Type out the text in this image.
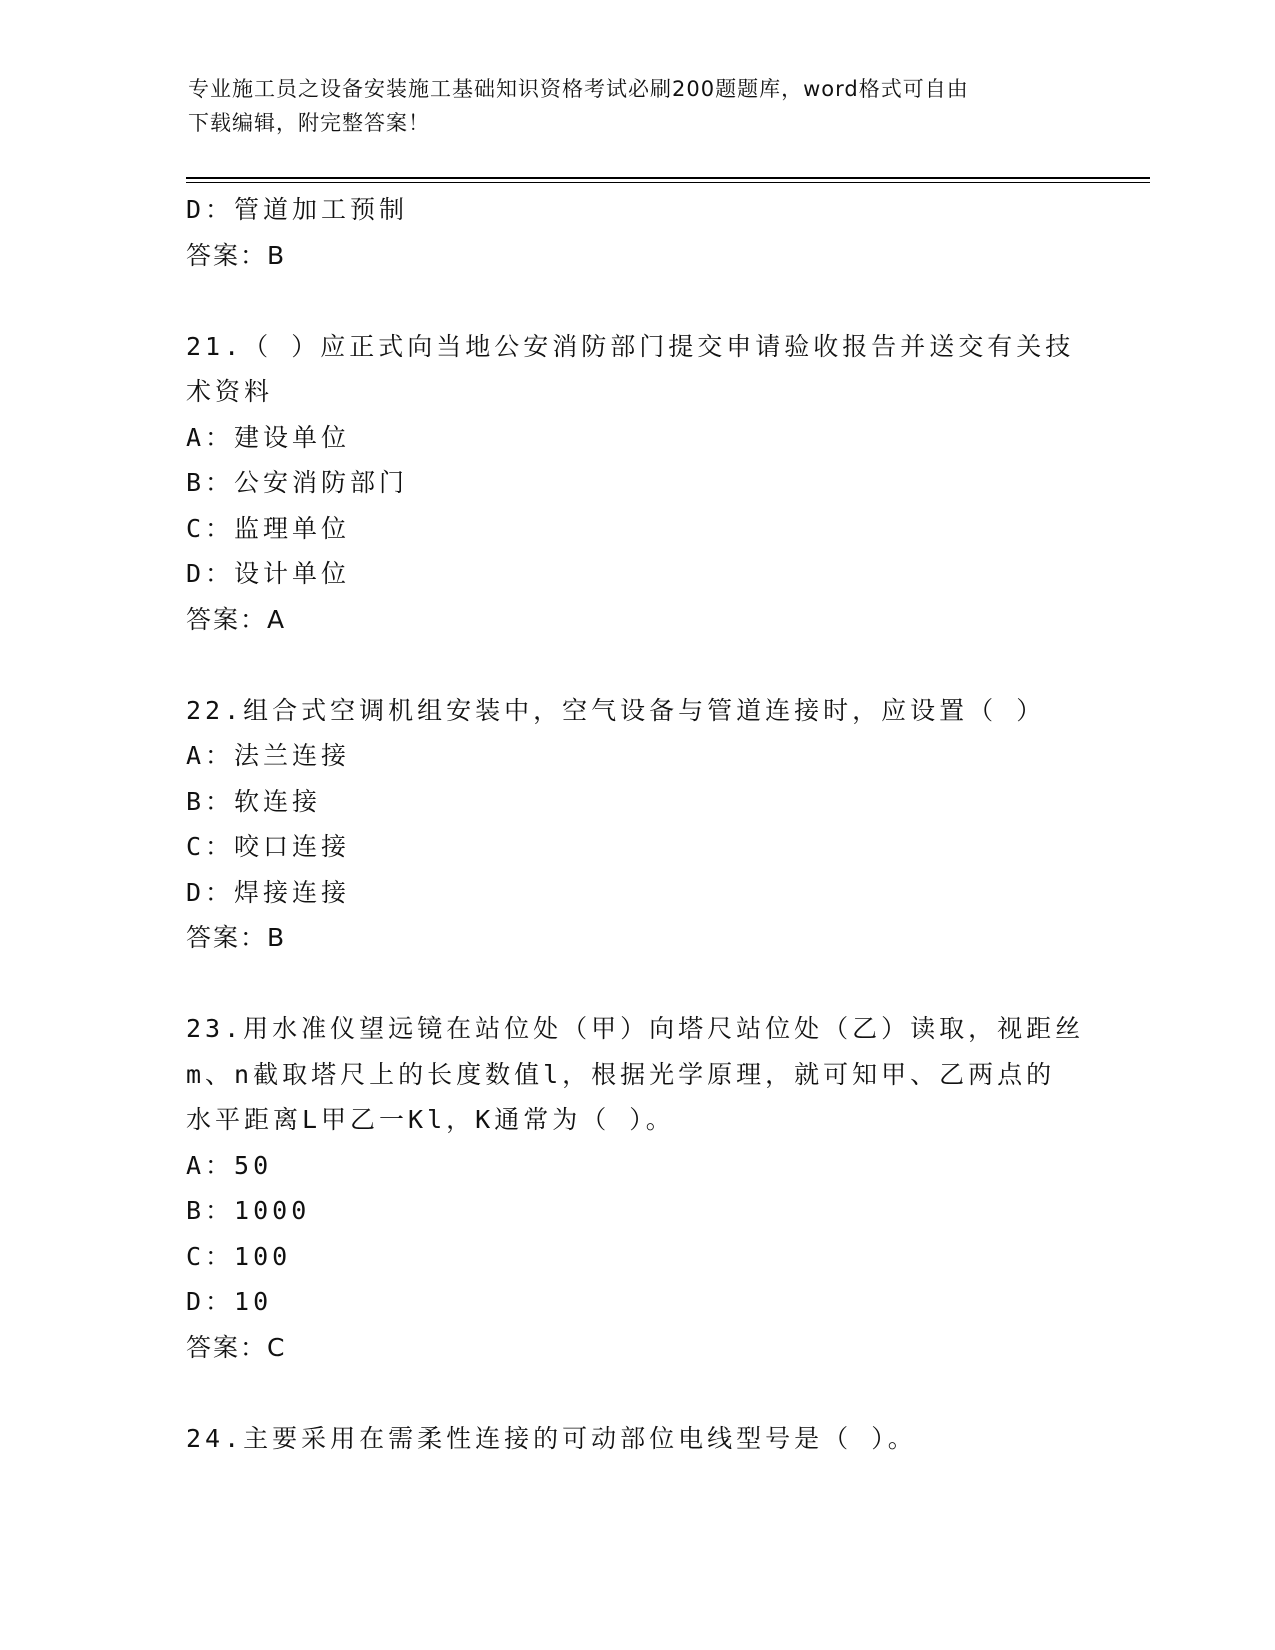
专业施工员之设备安装施工基础知识资格考试必刷200题题库，word格式可自由
下载编辑，附完整答案！
D：管道加工预制
答案：B
21.（ ）应正式向当地公安消防部门提交申请验收报告并送交有关技
术资料
A：建设单位
B：公安消防部门
C：监理单位
D：设计单位
答案：A
22.组合式空调机组安装中，空气设备与管道连接时，应设置（ ）
A：法兰连接
B：软连接
C：咬口连接
D：焊接连接
答案：B
23.用水准仪望远镜在站位处（甲）向塔尺站位处（乙）读取，视距丝
m、n截取塔尺上的长度数值l，根据光学原理，就可知甲、乙两点的
水平距离L甲乙一Kl，K通常为（ ）。
A：50
B：1000
C：100
D：10
答案：C
24.主要采用在需柔性连接的可动部位电线型号是（ ）。
